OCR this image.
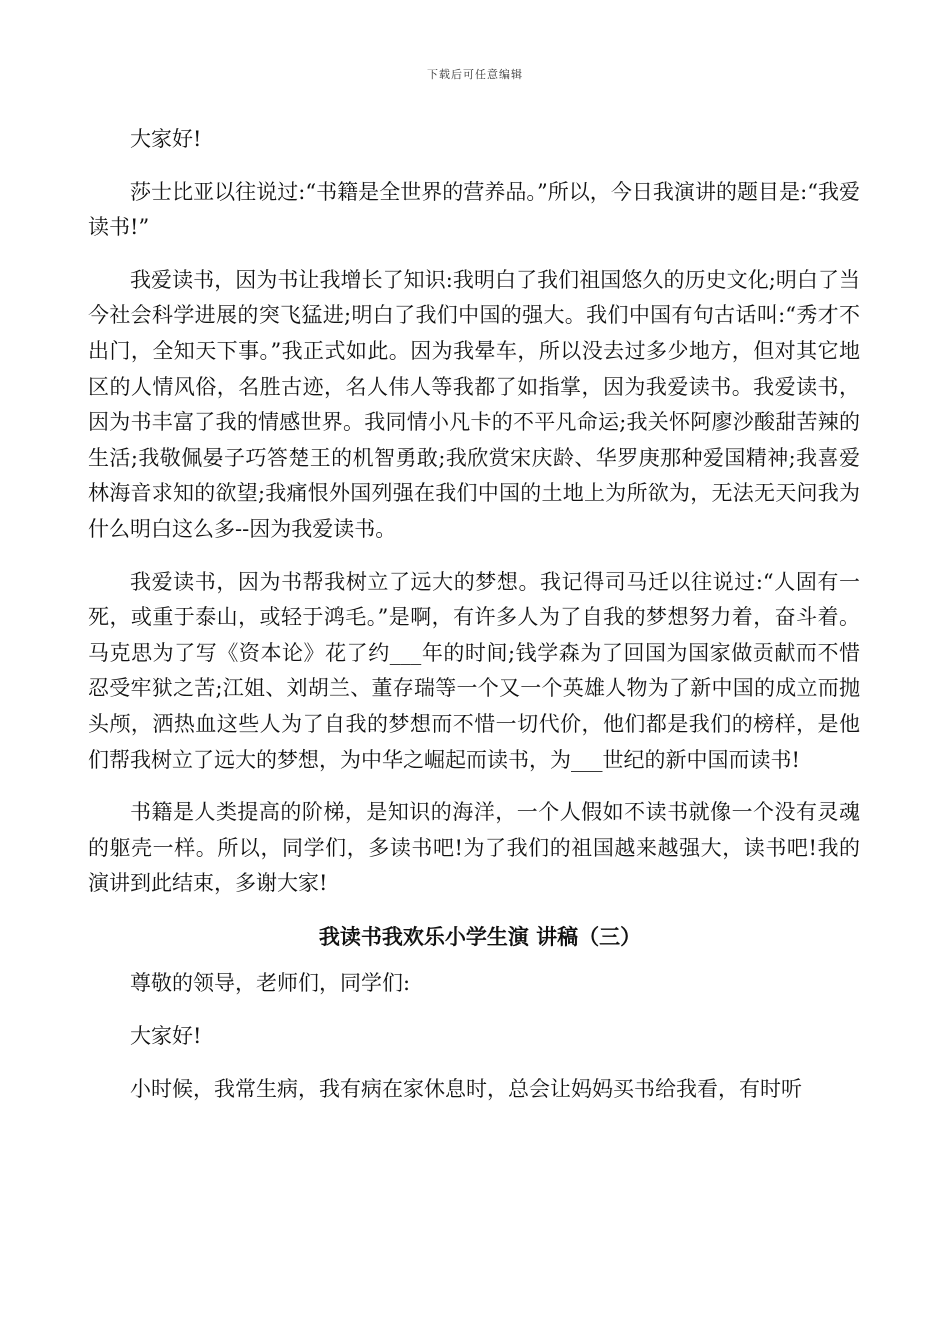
下载后可任意编辑

大家好!

莎士比亚以往说过:“书籍是全世界的营养品。”所以，今日我演讲的题目是:“我爱读书!”

我爱读书，因为书让我增长了知识:我明白了我们祖国悠久的历史文化;明白了当今社会科学进展的突飞猛进;明白了我们中国的强大。我们中国有句古话叫:“秀才不出门，全知天下事。”我正式如此。因为我晕车，所以没去过多少地方，但对其它地区的人情风俗，名胜古迹，名人伟人等我都了如指掌，因为我爱读书。我爱读书，因为书丰富了我的情感世界。我同情小凡卡的不平凡命运;我关怀阿廖沙酸甜苦辣的生活;我敬佩晏子巧答楚王的机智勇敢;我欣赏宋庆龄、华罗庚那种爱国精神;我喜爱林海音求知的欲望;我痛恨外国列强在我们中国的土地上为所欲为，无法无天问我为什么明白这么多--因为我爱读书。

我爱读书，因为书帮我树立了远大的梦想。我记得司马迁以往说过:“人固有一死，或重于泰山，或轻于鸿毛。”是啊，有许多人为了自我的梦想努力着，奋斗着。马克思为了写《资本论》花了约___年的时间;钱学森为了回国为国家做贡献而不惜忍受牢狱之苦;江姐、刘胡兰、董存瑞等一个又一个英雄人物为了新中国的成立而抛头颅，洒热血这些人为了自我的梦想而不惜一切代价，他们都是我们的榜样，是他们帮我树立了远大的梦想，为中华之崛起而读书，为___世纪的新中国而读书!

书籍是人类提高的阶梯，是知识的海洋，一个人假如不读书就像一个没有灵魂的躯壳一样。所以，同学们，多读书吧!为了我们的祖国越来越强大，读书吧!我的演讲到此结束，多谢大家!

我读书我欢乐小学生演 讲稿（三）

尊敬的领导，老师们，同学们:

大家好!

小时候，我常生病，我有病在家休息时，总会让妈妈买书给我看，有时听
